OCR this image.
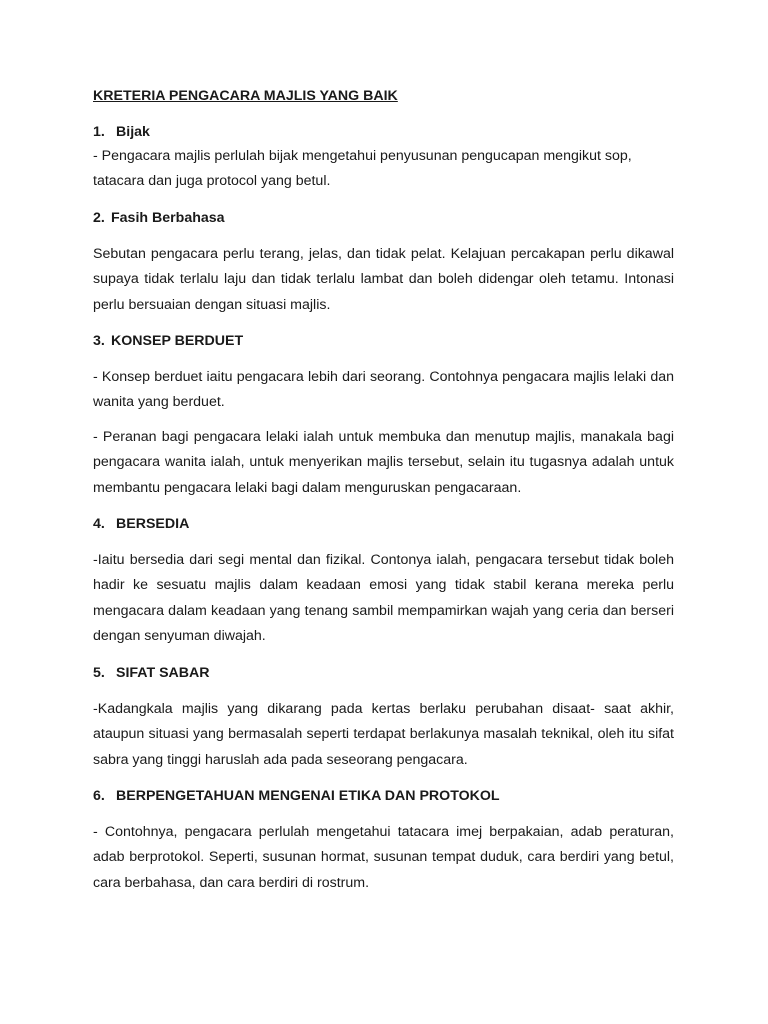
KRETERIA PENGACARA MAJLIS YANG BAIK

1. Bijak

- Pengacara majlis perlulah bijak mengetahui penyusunan pengucapan mengikut sop, tatacara dan juga protocol yang betul.

2. Fasih Berbahasa

Sebutan pengacara perlu terang, jelas, dan tidak pelat. Kelajuan percakapan perlu dikawal supaya tidak terlalu laju dan tidak terlalu lambat dan boleh didengar oleh tetamu. Intonasi perlu bersuaian dengan situasi majlis.

3. KONSEP BERDUET

- Konsep berduet iaitu pengacara lebih dari seorang. Contohnya pengacara majlis lelaki dan wanita yang berduet.

- Peranan bagi pengacara lelaki ialah untuk membuka dan menutup majlis, manakala bagi pengacara wanita ialah, untuk menyerikan majlis tersebut, selain itu tugasnya adalah untuk membantu pengacara lelaki bagi dalam menguruskan pengacaraan.

4. BERSEDIA

-Iaitu bersedia dari segi mental dan fizikal. Contonya ialah, pengacara tersebut tidak boleh hadir ke sesuatu majlis dalam keadaan emosi yang tidak stabil kerana mereka perlu mengacara dalam keadaan yang tenang sambil mempamirkan wajah yang ceria dan berseri dengan senyuman diwajah.

5. SIFAT SABAR

-Kadangkala majlis yang dikarang pada kertas berlaku perubahan disaat- saat akhir, ataupun situasi yang bermasalah seperti terdapat berlakunya masalah teknikal, oleh itu sifat sabra yang tinggi haruslah ada pada seseorang pengacara.

6. BERPENGETAHUAN MENGENAI ETIKA DAN PROTOKOL

- Contohnya, pengacara perlulah mengetahui tatacara imej berpakaian, adab peraturan, adab berprotokol. Seperti, susunan hormat, susunan tempat duduk, cara berdiri yang betul, cara berbahasa, dan cara berdiri di rostrum.
